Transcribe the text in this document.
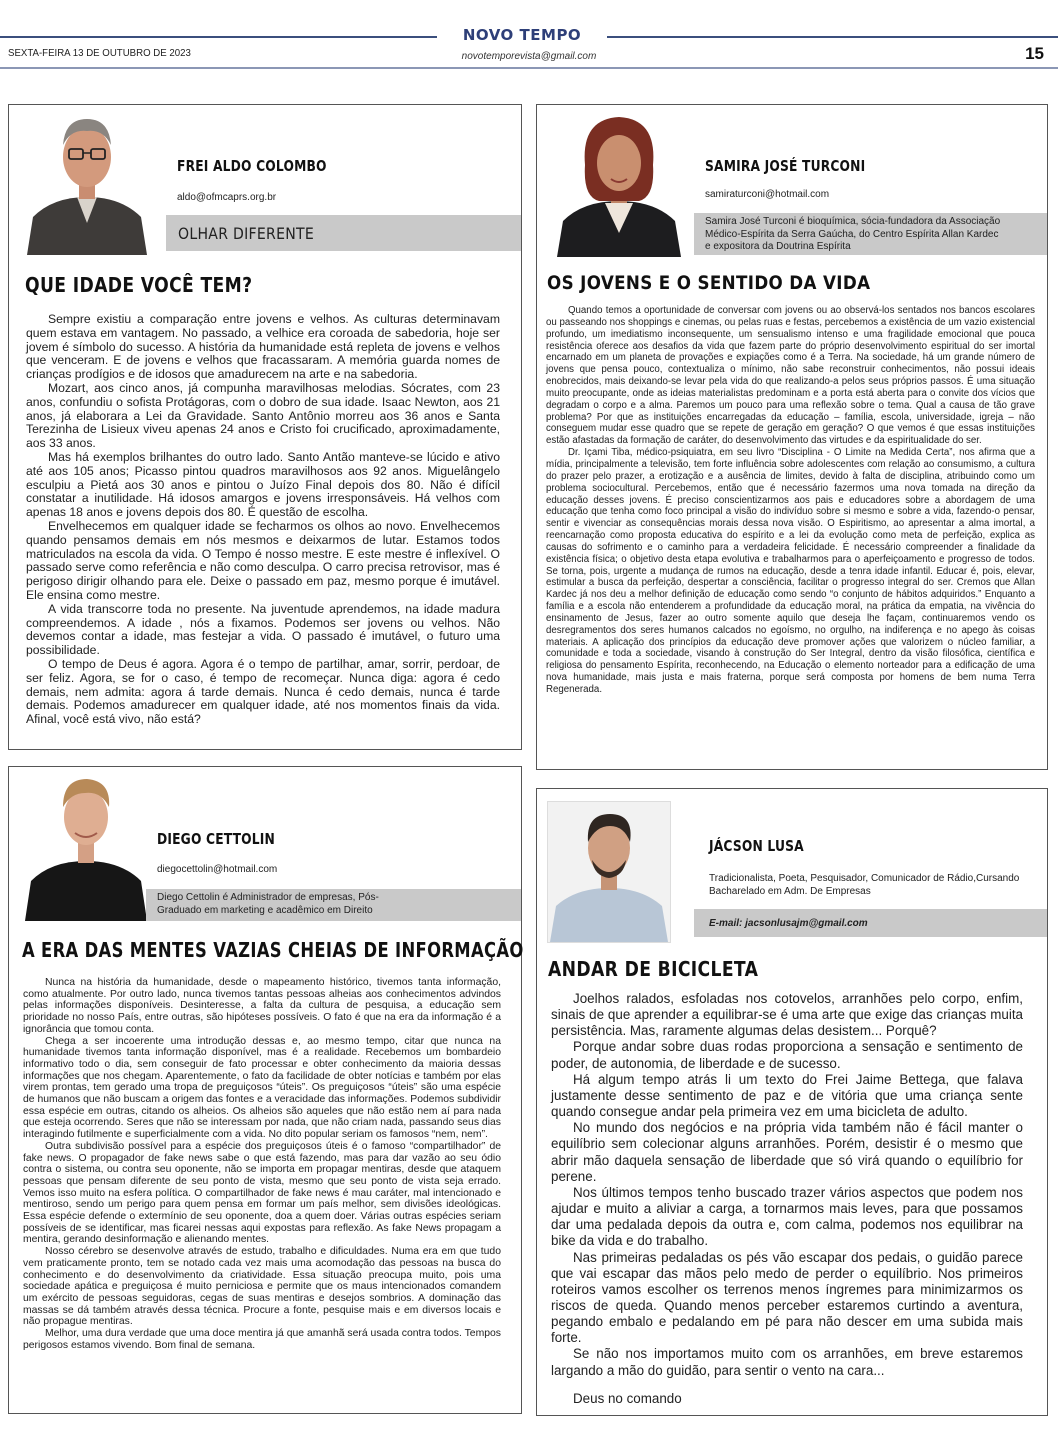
NOVO TEMPO
SEXTA-FEIRA 13 DE OUTUBRO DE 2023	novotemporevista@gmail.com	15
FREI ALDO COLOMBO
aldo@ofmcaprs.org.br
OLHAR DIFERENTE
QUE IDADE VOCÊ TEM?

Sempre existiu a comparação entre jovens e velhos. As culturas determinavam quem estava em vantagem. No passado, a velhice era coroada de sabedoria, hoje ser jovem é símbolo do sucesso. A história da humanidade está repleta de jovens e velhos que venceram. E de jovens e velhos que fracassaram. A memória guarda nomes de crianças prodígios e de idosos que amadurecem na arte e na sabedoria.

Mozart, aos cinco anos, já compunha maravilhosas melodias. Sócrates, com 23 anos, confundiu o sofista Protágoras, com o dobro de sua idade. Isaac Newton, aos 21 anos, já elaborara a Lei da Gravidade. Santo Antônio morreu aos 36 anos e Santa Terezinha de Lisieux viveu apenas 24 anos e Cristo foi crucificado, aproximadamente, aos 33 anos.

Mas há exemplos brilhantes do outro lado. Santo Antão manteve-se lúcido e ativo até aos 105 anos; Picasso pintou quadros maravilhosos aos 92 anos. Miguelângelo esculpiu a Pietá aos 30 anos e pintou o Juízo Final depois dos 80. Não é difícil constatar a inutilidade. Há idosos amargos e jovens irresponsáveis. Há velhos com apenas 18 anos e jovens depois dos 80. É questão de escolha.

Envelhecemos em qualquer idade se fecharmos os olhos ao novo. Envelhecemos quando pensamos demais em nós mesmos e deixarmos de lutar. Estamos todos matriculados na escola da vida. O Tempo é nosso mestre. E este mestre é inflexível. O passado serve como referência e não como desculpa. O carro precisa retrovisor, mas é perigoso dirigir olhando para ele. Deixe o passado em paz, mesmo porque é imutável. Ele ensina como mestre.

A vida transcorre toda no presente. Na juventude aprendemos, na idade madura compreendemos. A idade , nós a fixamos. Podemos ser jovens ou velhos. Não devemos contar a idade, mas festejar a vida. O passado é imutável, o futuro uma possibilidade.

O tempo de Deus é agora. Agora é o tempo de partilhar, amar, sorrir, perdoar, de ser feliz. Agora, se for o caso, é tempo de recomeçar. Nunca diga: agora é cedo demais, nem admita: agora á tarde demais. Nunca é cedo demais, nunca é tarde demais. Podemos amadurecer em qualquer idade, até nos momentos finais da vida. Afinal, você está vivo, não está?

SAMIRA JOSÉ TURCONI
samiraturconi@hotmail.com
Samira José Turconi é bioquímica, sócia-fundadora da Associação Médico-Espírita da Serra Gaúcha, do Centro Espírita Allan Kardec e expositora da Doutrina Espírita
OS JOVENS E O SENTIDO DA VIDA

Quando temos a oportunidade de conversar com jovens ou ao observá-los sentados nos bancos escolares ou passeando nos shoppings e cinemas, ou pelas ruas e festas, percebemos a existência de um vazio existencial profundo, um imediatismo inconsequente, um sensualismo intenso e uma fragilidade emocional que pouca resistência oferece aos desafios da vida que fazem parte do próprio desenvolvimento espiritual do ser imortal encarnado em um planeta de provações e expiações como é a Terra. Na sociedade, há um grande número de jovens que pensa pouco, contextualiza o mínimo, não sabe reconstruir conhecimentos, não possui ideais enobrecidos, mais deixando-se levar pela vida do que realizando-a pelos seus próprios passos. É uma situação muito preocupante, onde as ideias materialistas predominam e a porta está aberta para o convite dos vícios que degradam o corpo e a alma. Paremos um pouco para uma reflexão sobre o tema. Qual a causa de tão grave problema? Por que as instituições encarregadas da educação – família, escola, universidade, igreja – não conseguem mudar esse quadro que se repete de geração em geração? O que vemos é que essas instituições estão afastadas da formação de caráter, do desenvolvimento das virtudes e da espiritualidade do ser.

Dr. Içami Tiba, médico-psiquiatra, em seu livro “Disciplina - O Limite na Medida Certa”, nos afirma que a mídia, principalmente a televisão, tem forte influência sobre adolescentes com relação ao consumismo, a cultura do prazer pelo prazer, a erotização e a ausência de limites, devido à falta de disciplina, atribuindo como um problema sociocultural. Percebemos, então que é necessário fazermos uma nova tomada na direção da educação desses jovens. É preciso conscientizarmos aos pais e educadores sobre a abordagem de uma educação que tenha como foco principal a visão do indivíduo sobre si mesmo e sobre a vida, fazendo-o pensar, sentir e vivenciar as consequências morais dessa nova visão. O Espiritismo, ao apresentar a alma imortal, a reencarnação como proposta educativa do espírito e a lei da evolução como meta de perfeição, explica as causas do sofrimento e o caminho para a verdadeira felicidade. É necessário compreender a finalidade da existência física; o objetivo desta etapa evolutiva e trabalharmos para o aperfeiçoamento e progresso de todos. Se torna, pois, urgente a mudança de rumos na educação, desde a tenra idade infantil. Educar é, pois, elevar, estimular a busca da perfeição, despertar a consciência, facilitar o progresso integral do ser. Cremos que Allan Kardec já nos deu a melhor definição de educação como sendo “o conjunto de hábitos adquiridos.” Enquanto a família e a escola não entenderem a profundidade da educação moral, na prática da empatia, na vivência do ensinamento de Jesus, fazer ao outro somente aquilo que deseja lhe façam, continuaremos vendo os desregramentos dos seres humanos calcados no egoísmo, no orgulho, na indiferença e no apego às coisas materiais. A aplicação dos princípios da educação deve promover ações que valorizem o núcleo familiar, a comunidade e toda a sociedade, visando à construção do Ser Integral, dentro da visão filosófica, científica e religiosa do pensamento Espírita, reconhecendo, na Educação o elemento norteador para a edificação de uma nova humanidade, mais justa e mais fraterna, porque será composta por homens de bem numa Terra Regenerada.

DIEGO CETTOLIN
diegocettolin@hotmail.com
Diego Cettolin é Administrador de empresas, Pós-Graduado em marketing e acadêmico em Direito
A ERA DAS MENTES VAZIAS CHEIAS DE INFORMAÇÃO

Nunca na história da humanidade, desde o mapeamento histórico, tivemos tanta informação, como atualmente. Por outro lado, nunca tivemos tantas pessoas alheias aos conhecimentos advindos pelas informações disponíveis. Desinteresse, a falta da cultura de pesquisa, a educação sem prioridade no nosso País, entre outras, são hipóteses possíveis. O fato é que na era da informação é a ignorância que tomou conta.

Chega a ser incoerente uma introdução dessas e, ao mesmo tempo, citar que nunca na humanidade tivemos tanta informação disponível, mas é a realidade. Recebemos um bombardeio informativo todo o dia, sem conseguir de fato processar e obter conhecimento da maioria dessas informações que nos chegam. Aparentemente, o fato da facilidade de obter notícias e também por elas virem prontas, tem gerado uma tropa de preguiçosos “úteis”. Os preguiçosos “úteis” são uma espécie de humanos que não buscam a origem das fontes e a veracidade das informações. Podemos subdividir essa espécie em outras, citando os alheios. Os alheios são aqueles que não estão nem aí para nada que esteja ocorrendo. Seres que não se interessam por nada, que não criam nada, passando seus dias interagindo futilmente e superficialmente com a vida. No dito popular seriam os famosos “nem, nem”.

Outra subdivisão possível para a espécie dos preguiçosos úteis é o famoso “compartilhador” de fake news. O propagador de fake news sabe o que está fazendo, mas para dar vazão ao seu ódio contra o sistema, ou contra seu oponente, não se importa em propagar mentiras, desde que ataquem pessoas que pensam diferente de seu ponto de vista, mesmo que seu ponto de vista seja errado. Vemos isso muito na esfera política. O compartilhador de fake news é mau caráter, mal intencionado e mentiroso, sendo um perigo para quem pensa em formar um país melhor, sem divisões ideológicas. Essa espécie defende o extermínio de seu oponente, doa a quem doer. Várias outras espécies seriam possíveis de se identificar, mas ficarei nessas aqui expostas para reflexão. As fake News propagam a mentira, gerando desinformação e alienando mentes.

Nosso cérebro se desenvolve através de estudo, trabalho e dificuldades. Numa era em que tudo vem praticamente pronto, tem se notado cada vez mais uma acomodação das pessoas na busca do conhecimento e do desenvolvimento da criatividade. Essa situação preocupa muito, pois uma sociedade apática e preguiçosa é muito perniciosa e permite que os maus intencionados comandem um exército de pessoas seguidoras, cegas de suas mentiras e desejos sombrios. A dominação das massas se dá também através dessa técnica. Procure a fonte, pesquise mais e em diversos locais e não propague mentiras.

Melhor, uma dura verdade que uma doce mentira já que amanhã será usada contra todos. Tempos perigosos estamos vivendo. Bom final de semana.

JÁCSON LUSA
Tradicionalista, Poeta, Pesquisador, Comunicador de Rádio,Cursando Bacharelado em Adm. De Empresas
E-mail: jacsonlusajm@gmail.com
ANDAR DE BICICLETA

Joelhos ralados, esfoladas nos cotovelos, arranhões pelo corpo, enfim, sinais de que aprender a equilibrar-se é uma arte que exige das crianças muita persistência. Mas, raramente algumas delas desistem... Porquê?

Porque andar sobre duas rodas proporciona a sensação e sentimento de poder, de autonomia, de liberdade e de sucesso.

Há algum tempo atrás li um texto do Frei Jaime Bettega, que falava justamente desse sentimento de paz e de vitória que uma criança sente quando consegue andar pela primeira vez em uma bicicleta de adulto.

No mundo dos negócios e na própria vida também não é fácil manter o equilíbrio sem colecionar alguns arranhões. Porém, desistir é o mesmo que abrir mão daquela sensação de liberdade que só virá quando o equilíbrio for perene.

Nos últimos tempos tenho buscado trazer vários aspectos que podem nos ajudar e muito a aliviar a carga, a tornarmos mais leves, para que possamos dar uma pedalada depois da outra e, com calma, podemos nos equilibrar na bike da vida e do trabalho.

Nas primeiras pedaladas os pés vão escapar dos pedais, o guidão parece que vai escapar das mãos pelo medo de perder o equilíbrio. Nos primeiros roteiros vamos escolher os terrenos menos íngremes para minimizarmos os riscos de queda. Quando menos perceber estaremos curtindo a aventura, pegando embalo e pedalando em pé para não descer em uma subida mais forte.

Se não nos importamos muito com os arranhões, em breve estaremos largando a mão do guidão, para sentir o vento na cara...

Deus no comando
